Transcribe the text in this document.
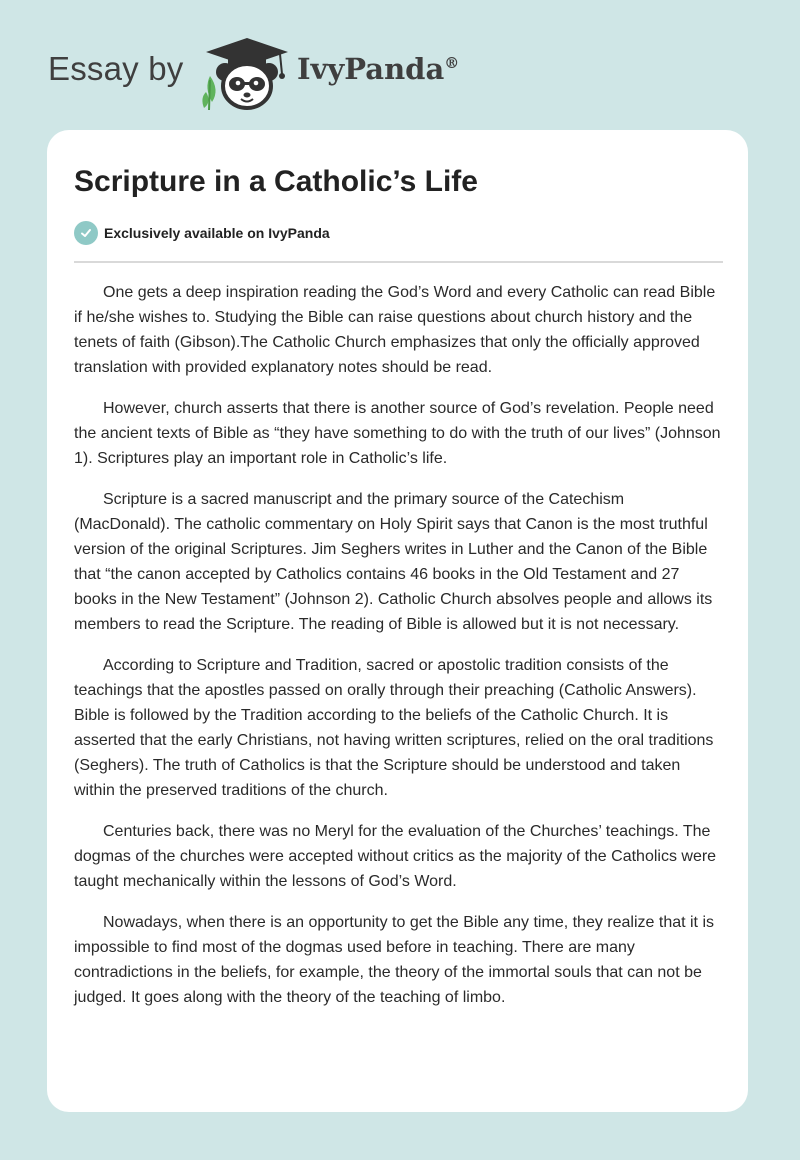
Essay by	IvyPanda®
Scripture in a Catholic’s Life
Exclusively available on IvyPanda

One gets a deep inspiration reading the God’s Word and every Catholic can read Bible if he/she wishes to. Studying the Bible can raise questions about church history and the tenets of faith (Gibson).The Catholic Church emphasizes that only the officially approved translation with provided explanatory notes should be read.

However, church asserts that there is another source of God’s revelation. People need the ancient texts of Bible as “they have something to do with the truth of our lives” (Johnson 1). Scriptures play an important role in Catholic’s life.

Scripture is a sacred manuscript and the primary source of the Catechism (MacDonald). The catholic commentary on Holy Spirit says that Canon is the most truthful version of the original Scriptures. Jim Seghers writes in Luther and the Canon of the Bible that “the canon accepted by Catholics contains 46 books in the Old Testament and 27 books in the New Testament” (Johnson 2). Catholic Church absolves people and allows its members to read the Scripture. The reading of Bible is allowed but it is not necessary.

According to Scripture and Tradition, sacred or apostolic tradition consists of the teachings that the apostles passed on orally through their preaching (Catholic Answers). Bible is followed by the Tradition according to the beliefs of the Catholic Church. It is asserted that the early Christians, not having written scriptures, relied on the oral traditions (Seghers). The truth of Catholics is that the Scripture should be understood and taken within the preserved traditions of the church.

Centuries back, there was no Meryl for the evaluation of the Churches’ teachings. The dogmas of the churches were accepted without critics as the majority of the Catholics were taught mechanically within the lessons of God’s Word.

Nowadays, when there is an opportunity to get the Bible any time, they realize that it is impossible to find most of the dogmas used before in teaching. There are many contradictions in the beliefs, for example, the theory of the immortal souls that can not be judged. It goes along with the theory of the teaching of limbo.
